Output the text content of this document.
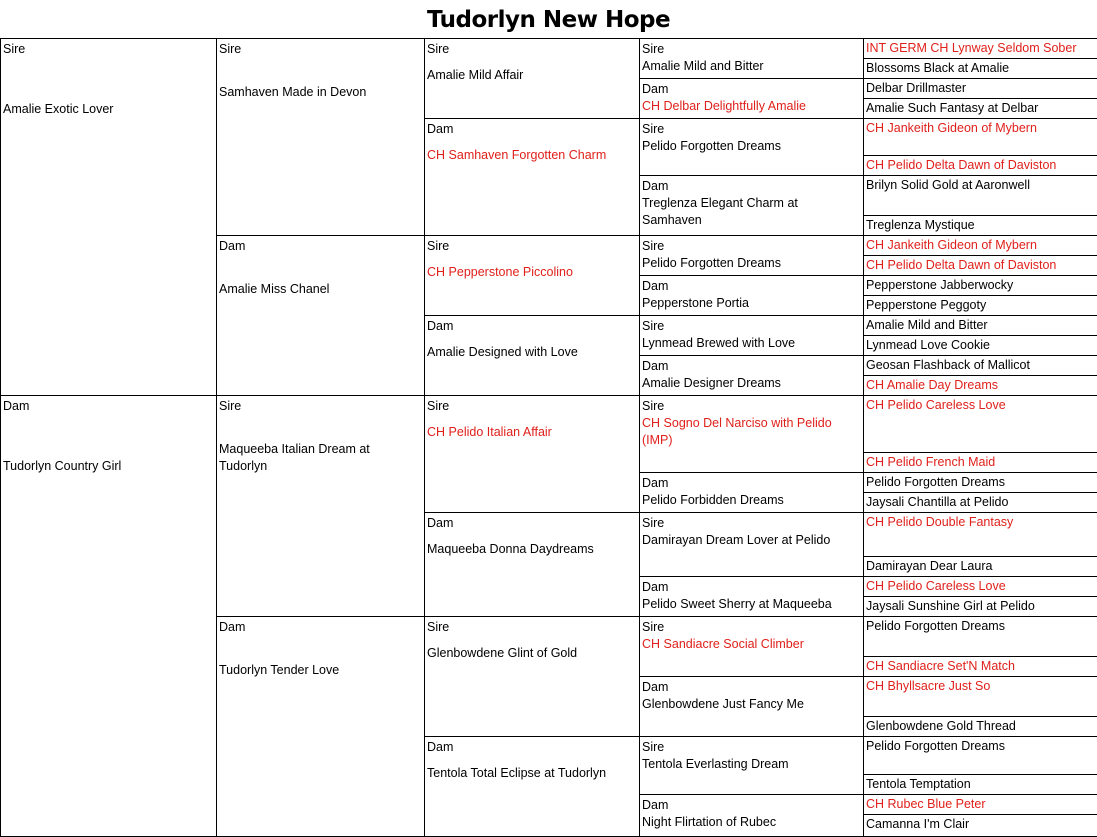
Tudorlyn New Hope
Sire
Amalie Exotic Lover
Dam
Tudorlyn Country Girl
Sire
Samhaven Made in Devon
Dam
Amalie Miss Chanel
Sire
Maqueeba Italian Dream at Tudorlyn
Dam
Tudorlyn Tender Love
Sire
Amalie Mild Affair
Dam
CH Samhaven Forgotten Charm
Sire
CH Pepperstone Piccolino
Dam
Amalie Designed with Love
Sire
CH Pelido Italian Affair
Dam
Maqueeba Donna Daydreams
Sire
Glenbowdene Glint of Gold
Dam
Tentola Total Eclipse at Tudorlyn
Sire
Amalie Mild and Bitter
Dam
CH Delbar Delightfully Amalie
Sire
Pelido Forgotten Dreams
Dam
Treglenza Elegant Charm at Samhaven
Sire
Pelido Forgotten Dreams
Dam
Pepperstone Portia
Sire
Lynmead Brewed with Love
Dam
Amalie Designer Dreams
Sire
CH Sogno Del Narciso with Pelido (IMP)
Dam
Pelido Forbidden Dreams
Sire
Damirayan Dream Lover at Pelido
Dam
Pelido Sweet Sherry at Maqueeba
Sire
CH Sandiacre Social Climber
Dam
Glenbowdene Just Fancy Me
Sire
Tentola Everlasting Dream
Dam
Night Flirtation of Rubec
INT GERM CH Lynway Seldom Sober
Blossoms Black at Amalie
Delbar Drillmaster
Amalie Such Fantasy at Delbar
CH Jankeith Gideon of Mybern
CH Pelido Delta Dawn of Daviston
Brilyn Solid Gold at Aaronwell
Treglenza Mystique
CH Jankeith Gideon of Mybern
CH Pelido Delta Dawn of Daviston
Pepperstone Jabberwocky
Pepperstone Peggoty
Amalie Mild and Bitter
Lynmead Love Cookie
Geosan Flashback of Mallicot
CH Amalie Day Dreams
CH Pelido Careless Love
CH Pelido French Maid
Pelido Forgotten Dreams
Jaysali Chantilla at Pelido
CH Pelido Double Fantasy
Damirayan Dear Laura
CH Pelido Careless Love
Jaysali Sunshine Girl at Pelido
Pelido Forgotten Dreams
CH Sandiacre Set'N Match
CH Bhyllsacre Just So
Glenbowdene Gold Thread
Pelido Forgotten Dreams
Tentola Temptation
CH Rubec Blue Peter
Camanna I'm Clair
